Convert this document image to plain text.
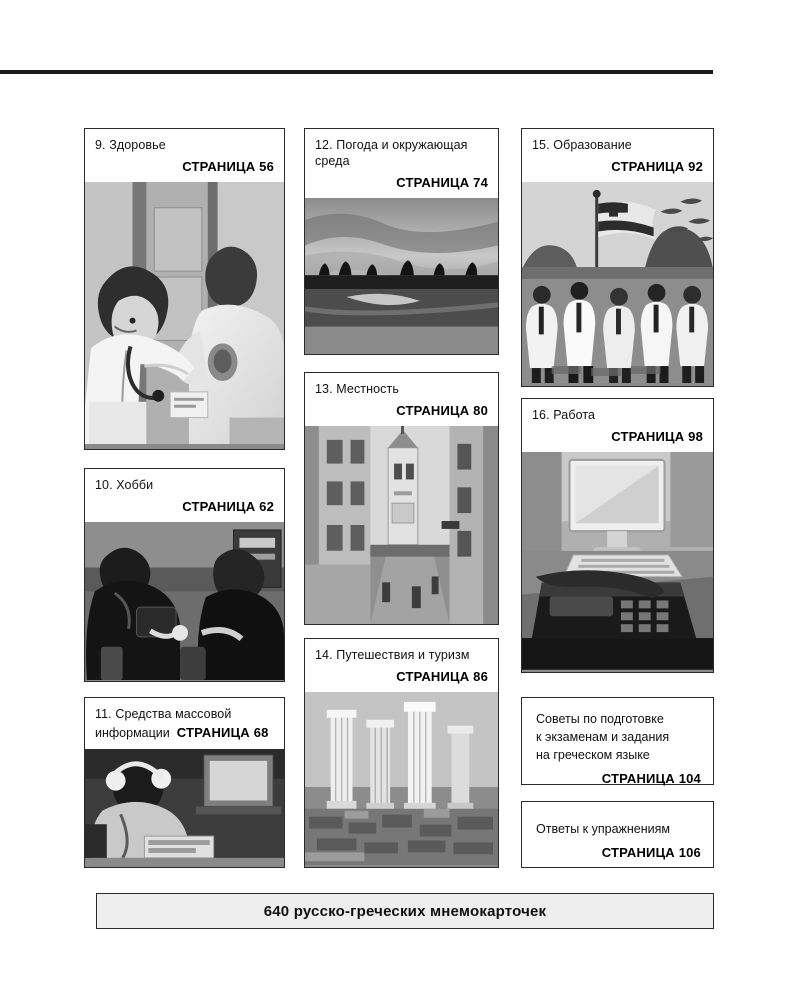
9. Здоровье
СТРАНИЦА 56
10. Хобби
СТРАНИЦА 62
11. Средства массовой
информации СТРАНИЦА 68
12. Погода и окружающая
среда
СТРАНИЦА 74
13. Местность
СТРАНИЦА 80
14. Путешествия и туризм
СТРАНИЦА 86
15. Образование
СТРАНИЦА 92
16. Работа
СТРАНИЦА 98
Советы по подготовке
к экзаменам и задания
на греческом языке
СТРАНИЦА 104
Ответы к упражнениям
СТРАНИЦА 106
640 русско-греческих мнемокарточек
